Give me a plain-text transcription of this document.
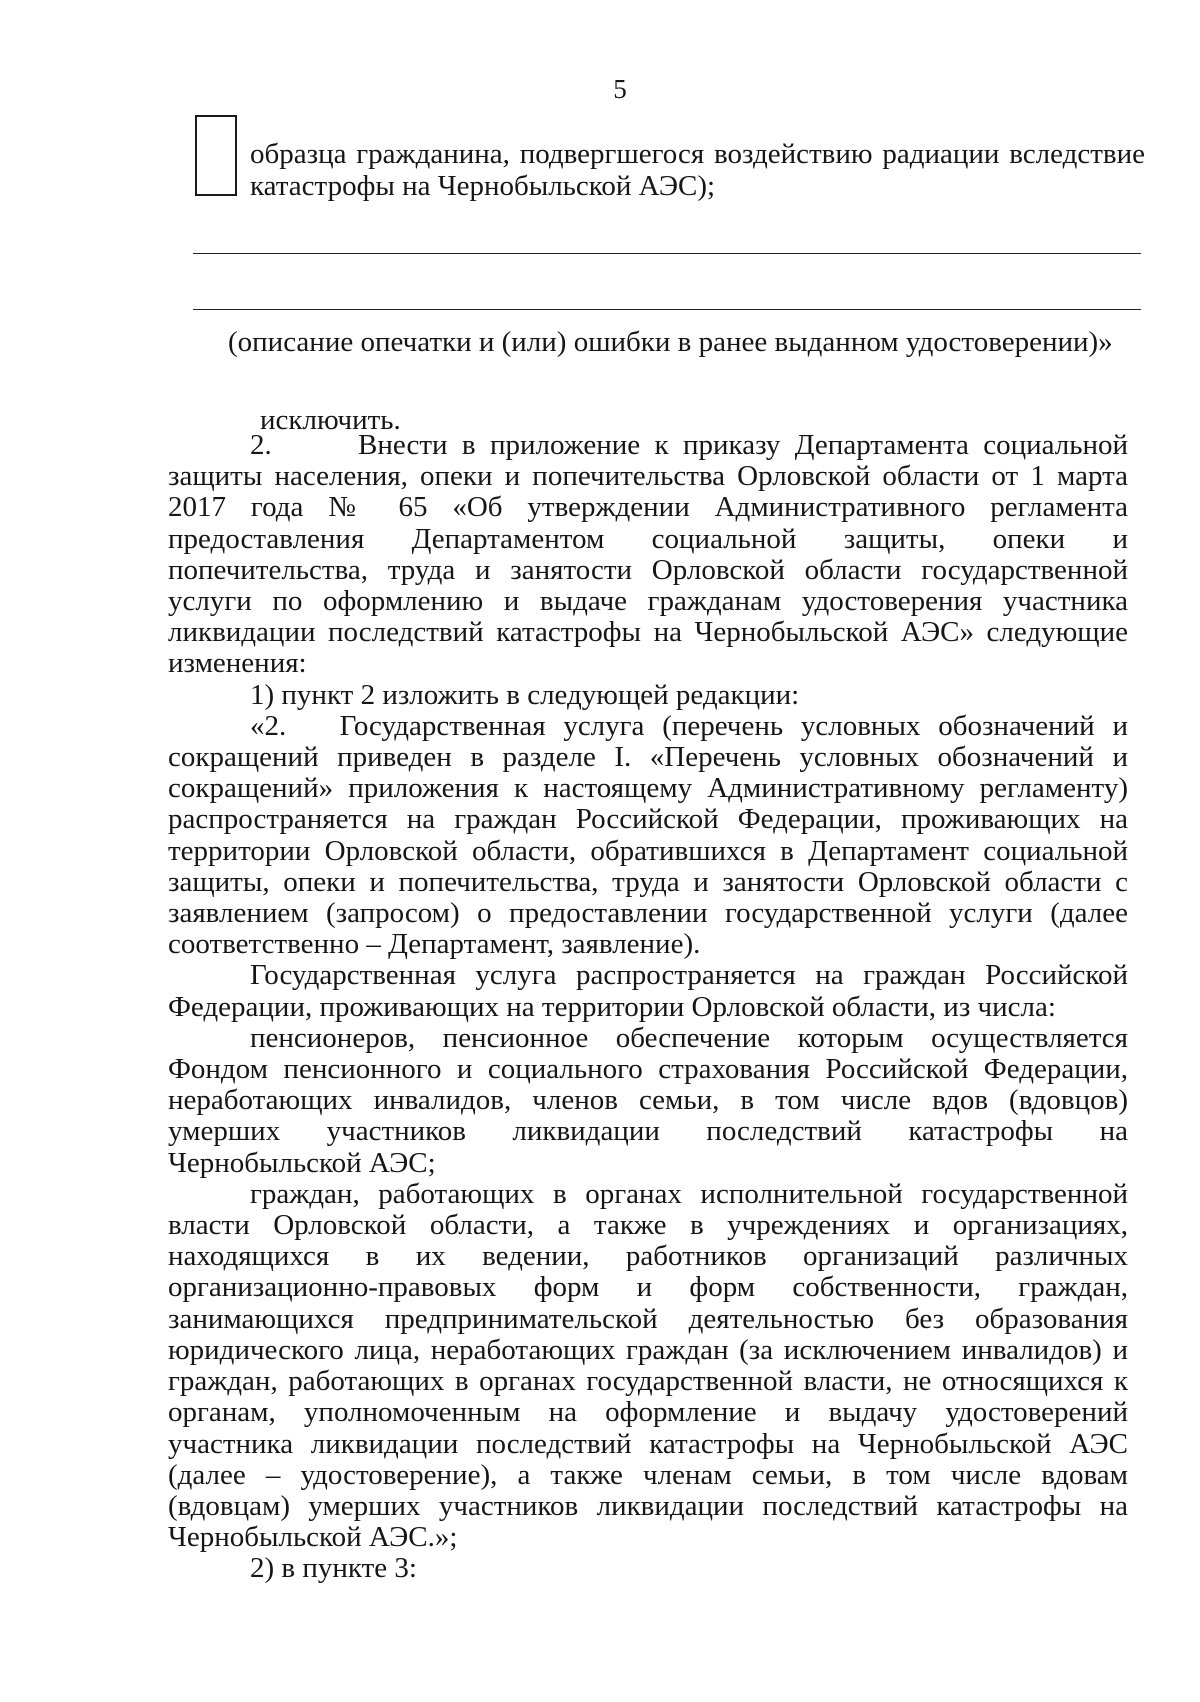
5
образца гражданина, подвергшегося воздействию радиации вследствие
катастрофы на Чернобыльской АЭС);
(описание опечатки и (или) ошибки в ранее выданном удостоверении)»
исключить.

2.      Внести в приложение к приказу Департамента социальной защиты населения, опеки и попечительства Орловской области от 1 марта 2017 года № 65 «Об утверждении Административного регламента предоставления Департаментом социальной защиты, опеки и попечительства, труда и занятости Орловской области государственной услуги по оформлению и выдаче гражданам удостоверения участника ликвидации последствий катастрофы на Чернобыльской АЭС» следующие изменения:

1) пункт 2 изложить в следующей редакции:

«2.   Государственная услуга (перечень условных обозначений и сокращений приведен в разделе I. «Перечень условных обозначений и сокращений» приложения к настоящему Административному регламенту) распространяется на граждан Российской Федерации, проживающих на территории Орловской области, обратившихся в Департамент социальной защиты, опеки и попечительства, труда и занятости Орловской области с заявлением (запросом) о предоставлении государственной услуги (далее соответственно – Департамент, заявление).

Государственная услуга распространяется на граждан Российской Федерации, проживающих на территории Орловской области, из числа:

пенсионеров, пенсионное обеспечение которым осуществляется Фондом пенсионного и социального страхования Российской Федерации, неработающих инвалидов, членов семьи, в том числе вдов (вдовцов) умерших участников ликвидации последствий катастрофы на Чернобыльской АЭС;

граждан, работающих в органах исполнительной государственной власти Орловской области, а также в учреждениях и организациях, находящихся в их ведении, работников организаций различных организационно-правовых форм и форм собственности, граждан, занимающихся предпринимательской деятельностью без образования юридического лица, неработающих граждан (за исключением инвалидов) и граждан, работающих в органах государственной власти, не относящихся к органам, уполномоченным на оформление и выдачу удостоверений участника ликвидации последствий катастрофы на Чернобыльской АЭС (далее – удостоверение), а также членам семьи, в том числе вдовам (вдовцам) умерших участников ликвидации последствий катастрофы на Чернобыльской АЭС.»;

2) в пункте 3:
